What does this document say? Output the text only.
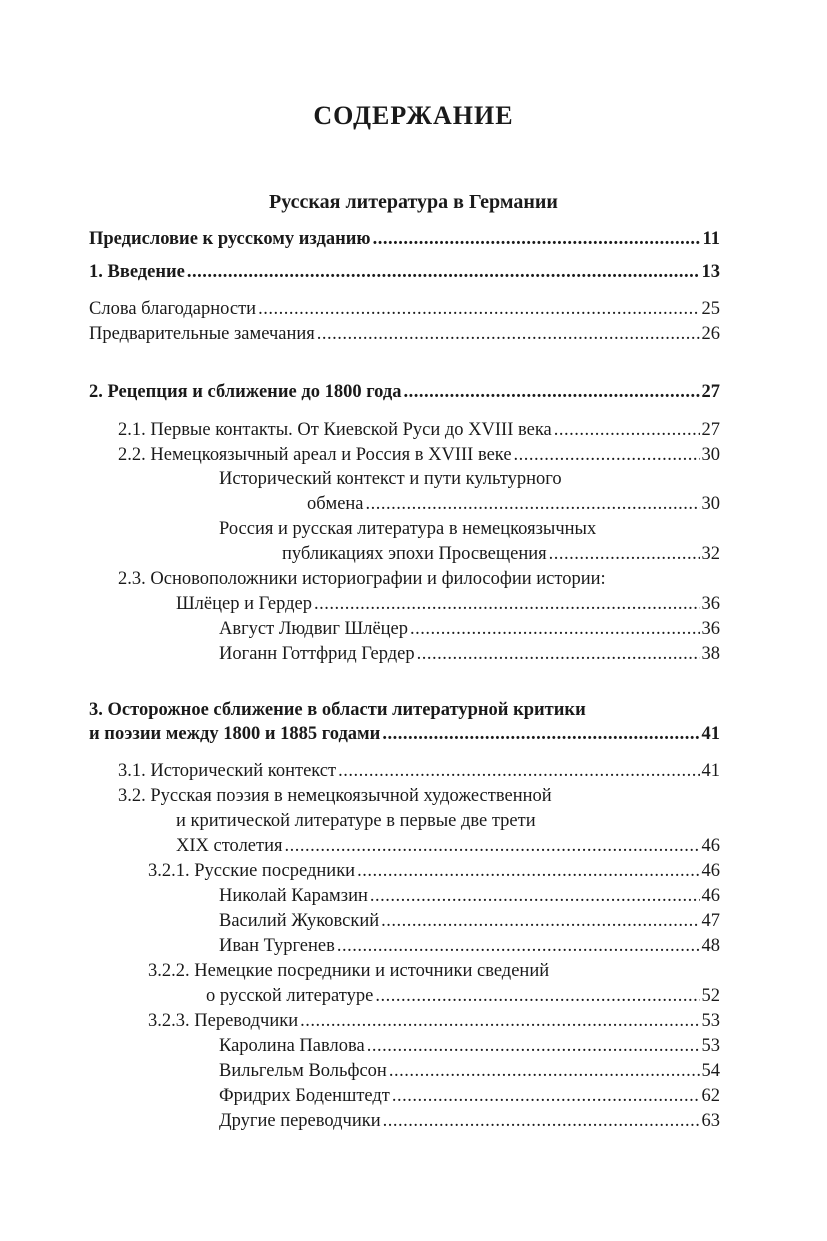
СОДЕРЖАНИЕ
Русская литература в Германии
Предисловие к русскому изданию .....	11
1. Введение .....	13
Слова благодарности .....	25
Предварительные замечания .....	26
2. Рецепция и сближение до 1800 года .....	27
2.1. Первые контакты. От Киевской Руси до XVIII века .....	27
2.2. Немецкоязычный ареал и Россия в XVIII веке .....	30
Исторический контекст и пути культурного
обмена .....	30
Россия и русская литература в немецкоязычных
публикациях эпохи Просвещения .....	32
2.3. Основоположники историографии и философии истории:
Шлёцер и Гердер .....	36
Август Людвиг Шлёцер .....	36
Иоганн Готтфрид Гердер .....	38
3. Осторожное сближение в области литературной критики
и поэзии между 1800 и 1885 годами .....	41
3.1. Исторический контекст .....	41
3.2. Русская поэзия в немецкоязычной художественной
и критической литературе в первые две трети
XIX столетия .....	46
3.2.1. Русские посредники .....	46
Николай Карамзин .....	46
Василий Жуковский .....	47
Иван Тургенев .....	48
3.2.2. Немецкие посредники и источники сведений
о русской литературе .....	52
3.2.3. Переводчики .....	53
Каролина Павлова .....	53
Вильгельм Вольфсон .....	54
Фридрих Боденштедт .....	62
Другие переводчики .....	63
